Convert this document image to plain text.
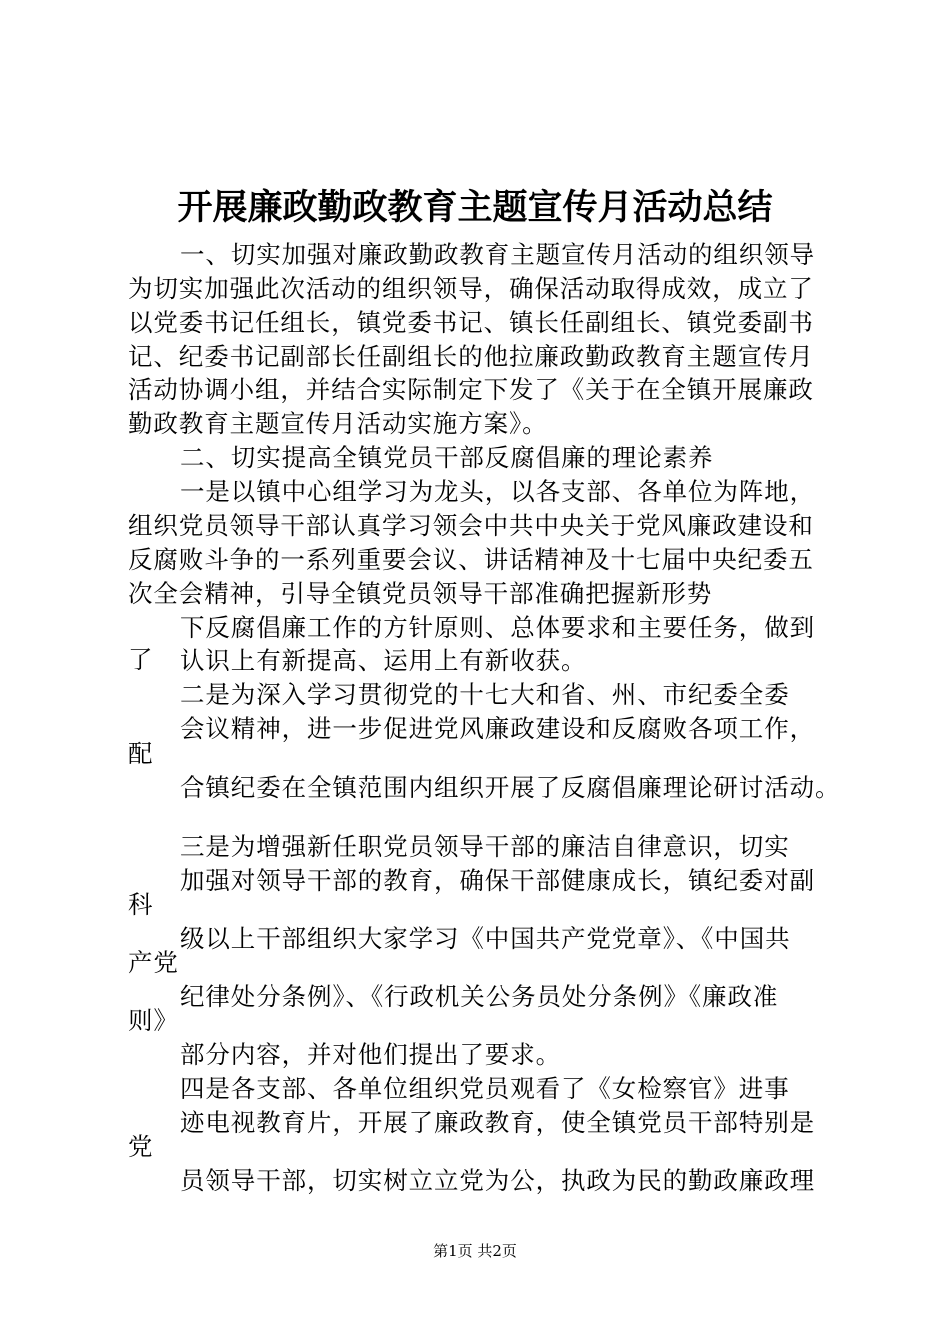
开展廉政勤政教育主题宣传月活动总结
一、切实加强对廉政勤政教育主题宣传月活动的组织领导
为切实加强此次活动的组织领导，确保活动取得成效，成立了
以党委书记任组长，镇党委书记、镇长任副组长、镇党委副书
记、纪委书记副部长任副组长的他拉廉政勤政教育主题宣传月
活动协调小组，并结合实际制定下发了《关于在全镇开展廉政
勤政教育主题宣传月活动实施方案》。
二、切实提高全镇党员干部反腐倡廉的理论素养
一是以镇中心组学习为龙头，以各支部、各单位为阵地，
组织党员领导干部认真学习领会中共中央关于党风廉政建设和
反腐败斗争的一系列重要会议、讲话精神及十七届中央纪委五
次全会精神，引导全镇党员领导干部准确把握新形势
下反腐倡廉工作的方针原则、总体要求和主要任务，做到
了 认识上有新提高、运用上有新收获。
二是为深入学习贯彻党的十七大和省、州、市纪委全委
会议精神，进一步促进党风廉政建设和反腐败各项工作，
配
合镇纪委在全镇范围内组织开展了反腐倡廉理论研讨活动。
三是为增强新任职党员领导干部的廉洁自律意识，切实
加强对领导干部的教育，确保干部健康成长，镇纪委对副
科
级以上干部组织大家学习《中国共产党党章》、《中国共
产党
纪律处分条例》、《行政机关公务员处分条例》《廉政准
则》
部分内容，并对他们提出了要求。
四是各支部、各单位组织党员观看了《女检察官》进事
迹电视教育片，开展了廉政教育，使全镇党员干部特别是
党
员领导干部，切实树立立党为公，执政为民的勤政廉政理
第1页 共2页
